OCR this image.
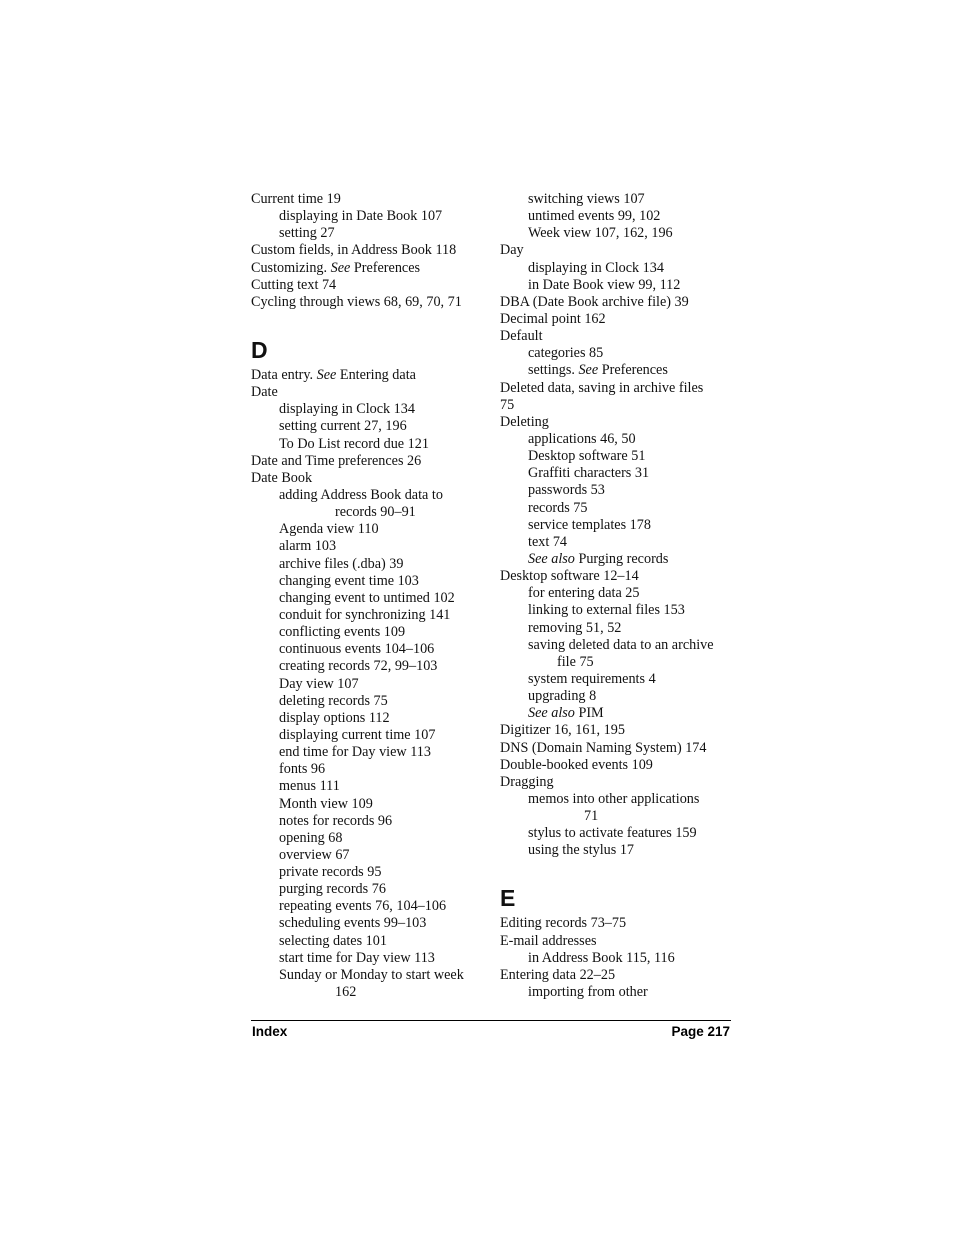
Current time 19
displaying in Date Book 107
setting 27
Custom fields, in Address Book 118
Customizing. See Preferences
Cutting text 74
Cycling through views 68, 69, 70, 71
D
Data entry. See Entering data
Date
displaying in Clock 134
setting current 27, 196
To Do List record due 121
Date and Time preferences 26
Date Book
adding Address Book data to
records 90–91
Agenda view 110
alarm 103
archive files (.dba) 39
changing event time 103
changing event to untimed 102
conduit for synchronizing 141
conflicting events 109
continuous events 104–106
creating records 72, 99–103
Day view 107
deleting records 75
display options 112
displaying current time 107
end time for Day view 113
fonts 96
menus 111
Month view 109
notes for records 96
opening 68
overview 67
private records 95
purging records 76
repeating events 76, 104–106
scheduling events 99–103
selecting dates 101
start time for Day view 113
Sunday or Monday to start week
162
switching views 107
untimed events 99, 102
Week view 107, 162, 196
Day
displaying in Clock 134
in Date Book view 99, 112
DBA (Date Book archive file) 39
Decimal point 162
Default
categories 85
settings. See Preferences
Deleted data, saving in archive files
75
Deleting
applications 46, 50
Desktop software 51
Graffiti characters 31
passwords 53
records 75
service templates 178
text 74
See also Purging records
Desktop software 12–14
for entering data 25
linking to external files 153
removing 51, 52
saving deleted data to an archive
file 75
system requirements 4
upgrading 8
See also PIM
Digitizer 16, 161, 195
DNS (Domain Naming System) 174
Double-booked events 109
Dragging
memos into other applications
71
stylus to activate features 159
using the stylus 17
E
Editing records 73–75
E-mail addresses
in Address Book 115, 116
Entering data 22–25
importing from other
Index	Page 217
